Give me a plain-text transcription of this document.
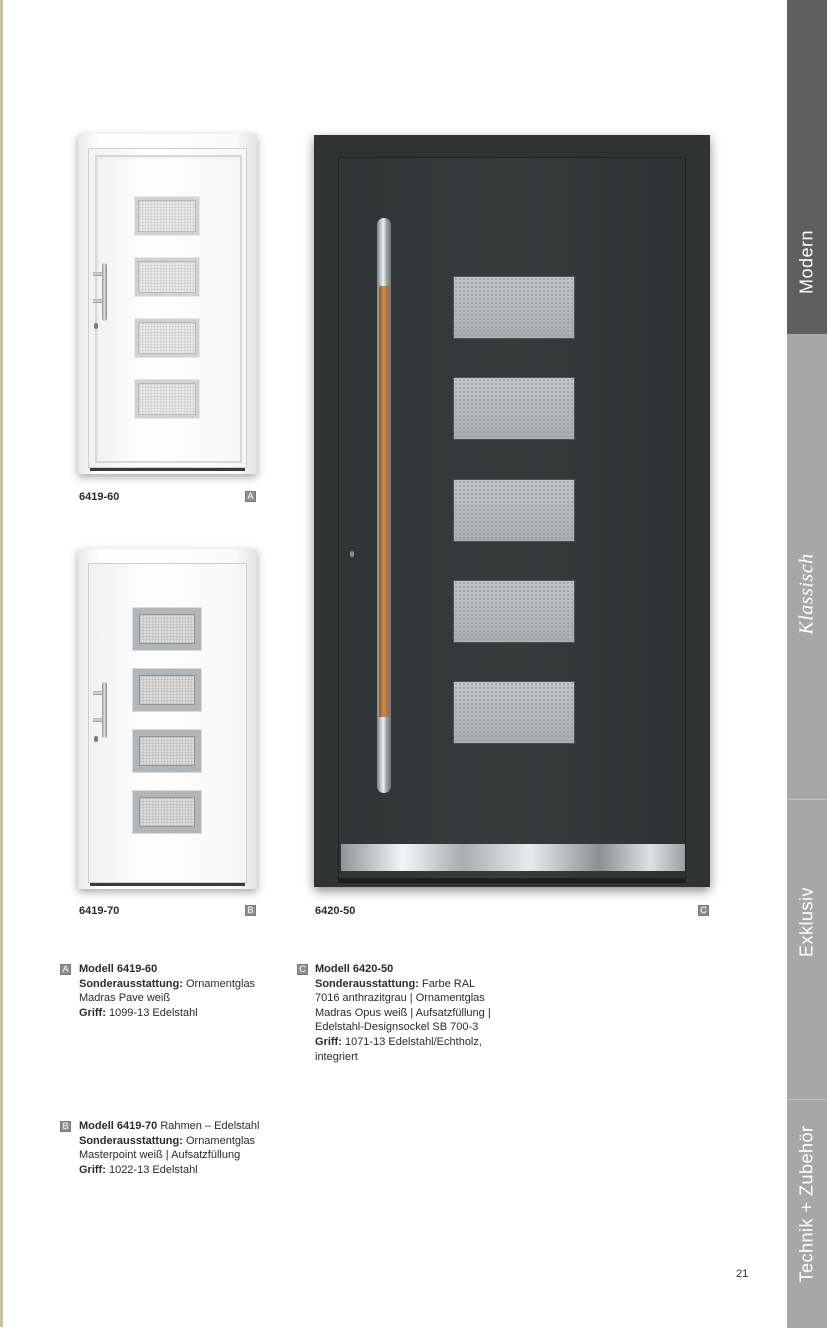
Modern
Klassisch
Exklusiv
Technik + Zubehör
6419-60	A
6419-70	B	6420-50	C
A Modell 6419-60
Sonderausstattung: Ornamentglas
Madras Pave weiß
Griff: 1099-13 Edelstahl
C Modell 6420-50
Sonderausstattung: Farbe RAL
7016 anthrazitgrau | Ornamentglas
Madras Opus weiß | Aufsatzfüllung |
Edelstahl-Designsockel SB 700-3
Griff: 1071-13 Edelstahl/Echtholz,
integriert
B Modell 6419-70 Rahmen – Edelstahl
Sonderausstattung: Ornamentglas
Masterpoint weiß | Aufsatzfüllung
Griff: 1022-13 Edelstahl
21
